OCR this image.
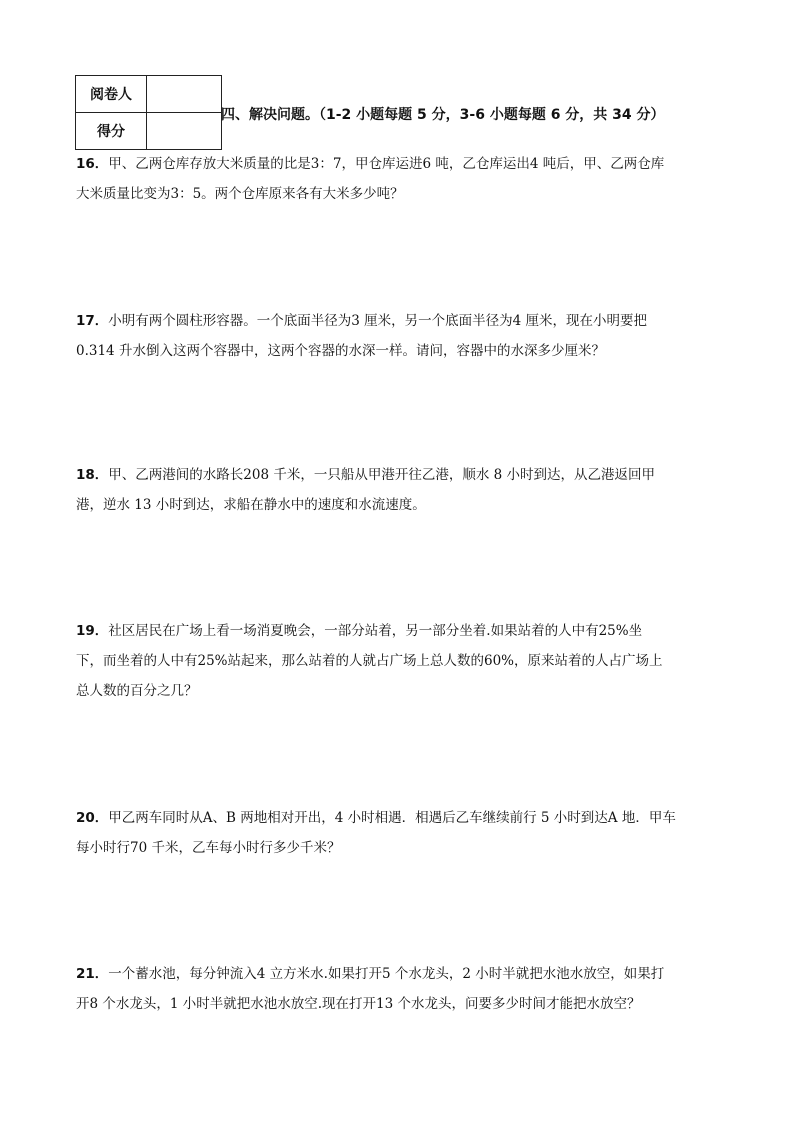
阅卷人	
得分	
四、解决问题。（1-2 小题每题 5 分，3-6 小题每题 6 分，共 34 分）
16．甲、乙两仓库存放大米质量的比是3：7，甲仓库运进6 吨，乙仓库运出4 吨后，甲、乙两仓库
大米质量比变为3：5。两个仓库原来各有大米多少吨？
17．小明有两个圆柱形容器。一个底面半径为3 厘米，另一个底面半径为4 厘米，现在小明要把
0.314 升水倒入这两个容器中，这两个容器的水深一样。请问，容器中的水深多少厘米？
18．甲、乙两港间的水路长208 千米，一只船从甲港开往乙港，顺水 8 小时到达，从乙港返回甲
港，逆水 13 小时到达，求船在静水中的速度和水流速度。
19．社区居民在广场上看一场消夏晚会，一部分站着，另一部分坐着.如果站着的人中有25%坐
下，而坐着的人中有25%站起来，那么站着的人就占广场上总人数的60%，原来站着的人占广场上
总人数的百分之几？
20．甲乙两车同时从A、B 两地相对开出，4 小时相遇．相遇后乙车继续前行 5 小时到达A 地．甲车
每小时行70 千米，乙车每小时行多少千米？
21．一个蓄水池，每分钟流入4 立方米水.如果打开5 个水龙头，2 小时半就把水池水放空，如果打
开8 个水龙头，1 小时半就把水池水放空.现在打开13 个水龙头，问要多少时间才能把水放空？
